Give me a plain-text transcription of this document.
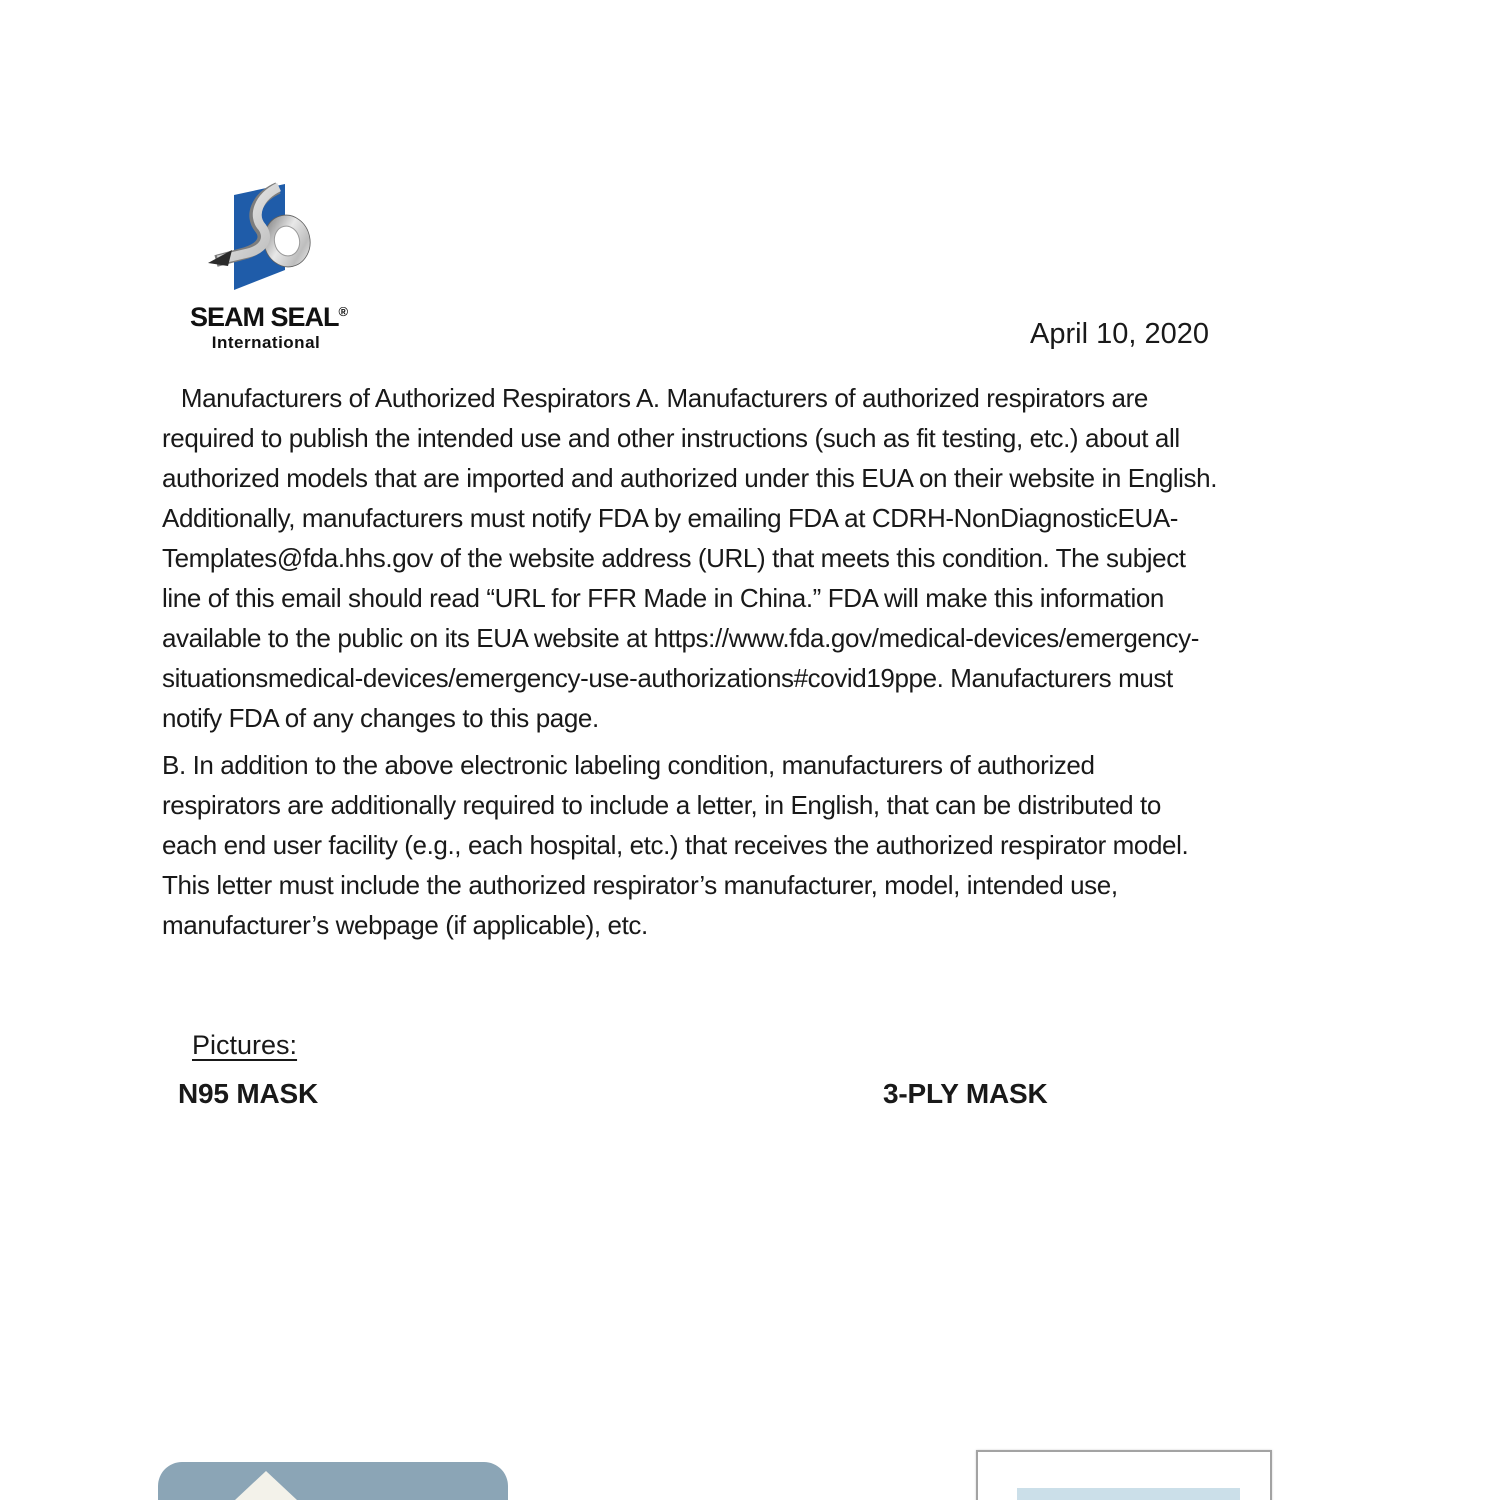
SEAM SEAL®
International	April 10, 2020
Manufacturers of Authorized Respirators A. Manufacturers of authorized respirators are
required to publish the intended use and other instructions (such as fit testing, etc.) about all
authorized models that are imported and authorized under this EUA on their website in English.
Additionally, manufacturers must notify FDA by emailing FDA at CDRH-NonDiagnosticEUA-
Templates@fda.hhs.gov of the website address (URL) that meets this condition. The subject
line of this email should read “URL for FFR Made in China.” FDA will make this information
available to the public on its EUA website at https://www.fda.gov/medical-devices/emergency-
situationsmedical-devices/emergency-use-authorizations#covid19ppe. Manufacturers must
notify FDA of any changes to this page.
B. In addition to the above electronic labeling condition, manufacturers of authorized
respirators are additionally required to include a letter, in English, that can be distributed to
each end user facility (e.g., each hospital, etc.) that receives the authorized respirator model.
This letter must include the authorized respirator’s manufacturer, model, intended use,
manufacturer’s webpage (if applicable), etc.
Pictures:
N95 MASK	3-PLY MASK
